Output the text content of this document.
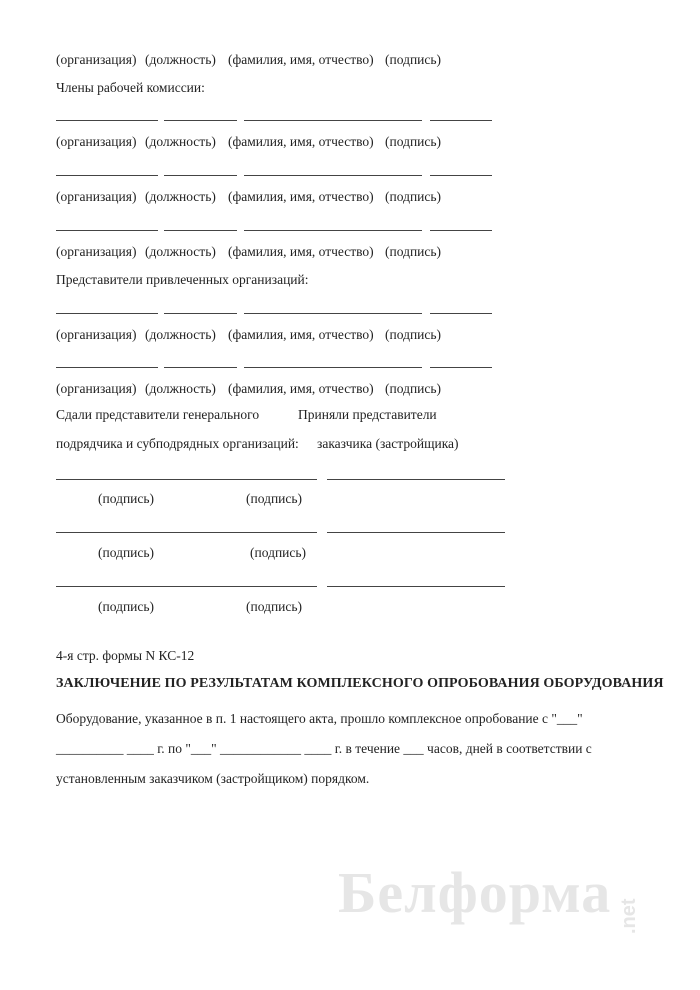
(организация) (должность) (фамилия, имя, отчество) (подпись)
Члены рабочей комиссии:
(организация) (должность) (фамилия, имя, отчество) (подпись)
(организация) (должность) (фамилия, имя, отчество) (подпись)
(организация) (должность) (фамилия, имя, отчество) (подпись)
Представители привлеченных организаций:
(организация) (должность) (фамилия, имя, отчество) (подпись)
(организация) (должность) (фамилия, имя, отчество) (подпись)
Сдали представители генерального	Приняли представители
подрядчика и субподрядных организаций: заказчика (застройщика)
(подпись)	(подпись)
(подпись)	(подпись)
(подпись)	(подпись)
4-я стр. формы N КС-12
ЗАКЛЮЧЕНИЕ ПО РЕЗУЛЬТАТАМ КОМПЛЕКСНОГО ОПРОБОВАНИЯ ОБОРУДОВАНИЯ
Оборудование, указанное в п. 1 настоящего акта, прошло комплексное опробование с "___"
__________ ____ г. по "___" ____________ ____ г. в течение ___ часов, дней в соответствии с
установленным заказчиком (застройщиком) порядком.
Белформа .net
